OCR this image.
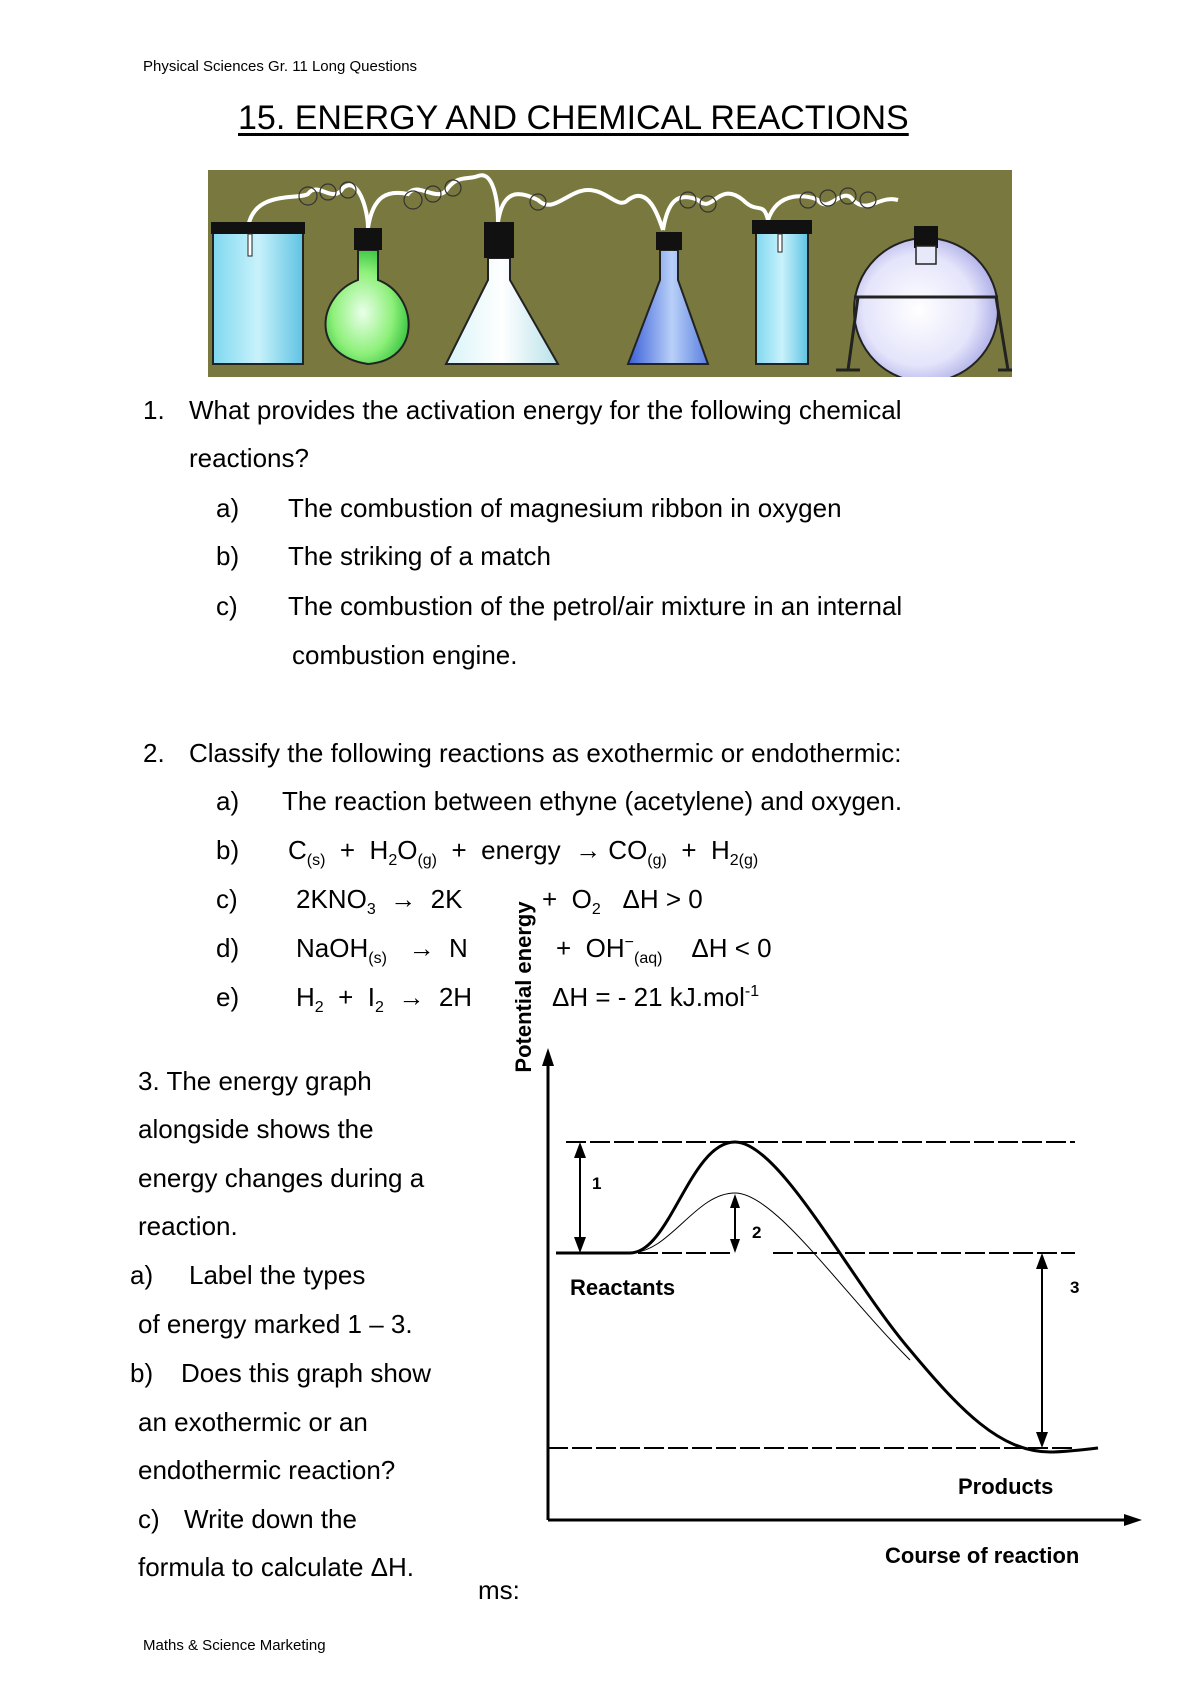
Physical Sciences Gr. 11 Long Questions
15. ENERGY AND CHEMICAL REACTIONS
1. What provides the activation energy for the following chemical
reactions?
a) The combustion of magnesium ribbon in oxygen
b) The striking of a match
c) The combustion of the petrol/air mixture in an internal
combustion engine.
2. Classify the following reactions as exothermic or endothermic:
a) The reaction between ethyne (acetylene) and oxygen.
b) $C_{(s)} + H_2O_{(g)}$ + energy → $CO_{(g)} + H_{2(g)}$
c) $2KNO_3 \to 2K$	+ $O_2$ ΔH > 0
d) NaOH$_{(s)}$ → N	+ $OH^-_{(aq)}$ ΔH < 0
e) $H_2 + I_2 \to 2H$	ΔH = - 21 kJ.mol$^{-1}$
3. The energy graph
alongside shows the
energy changes during a
reaction.
a) Label the types
of energy marked 1 – 3.
b) Does this graph show
an exothermic or an
endothermic reaction?
c) Write down the
formula to calculate ΔH.
ms:
1
2
3
Reactants
Products
Course of reaction
Potential energy
Maths & Science Marketing
